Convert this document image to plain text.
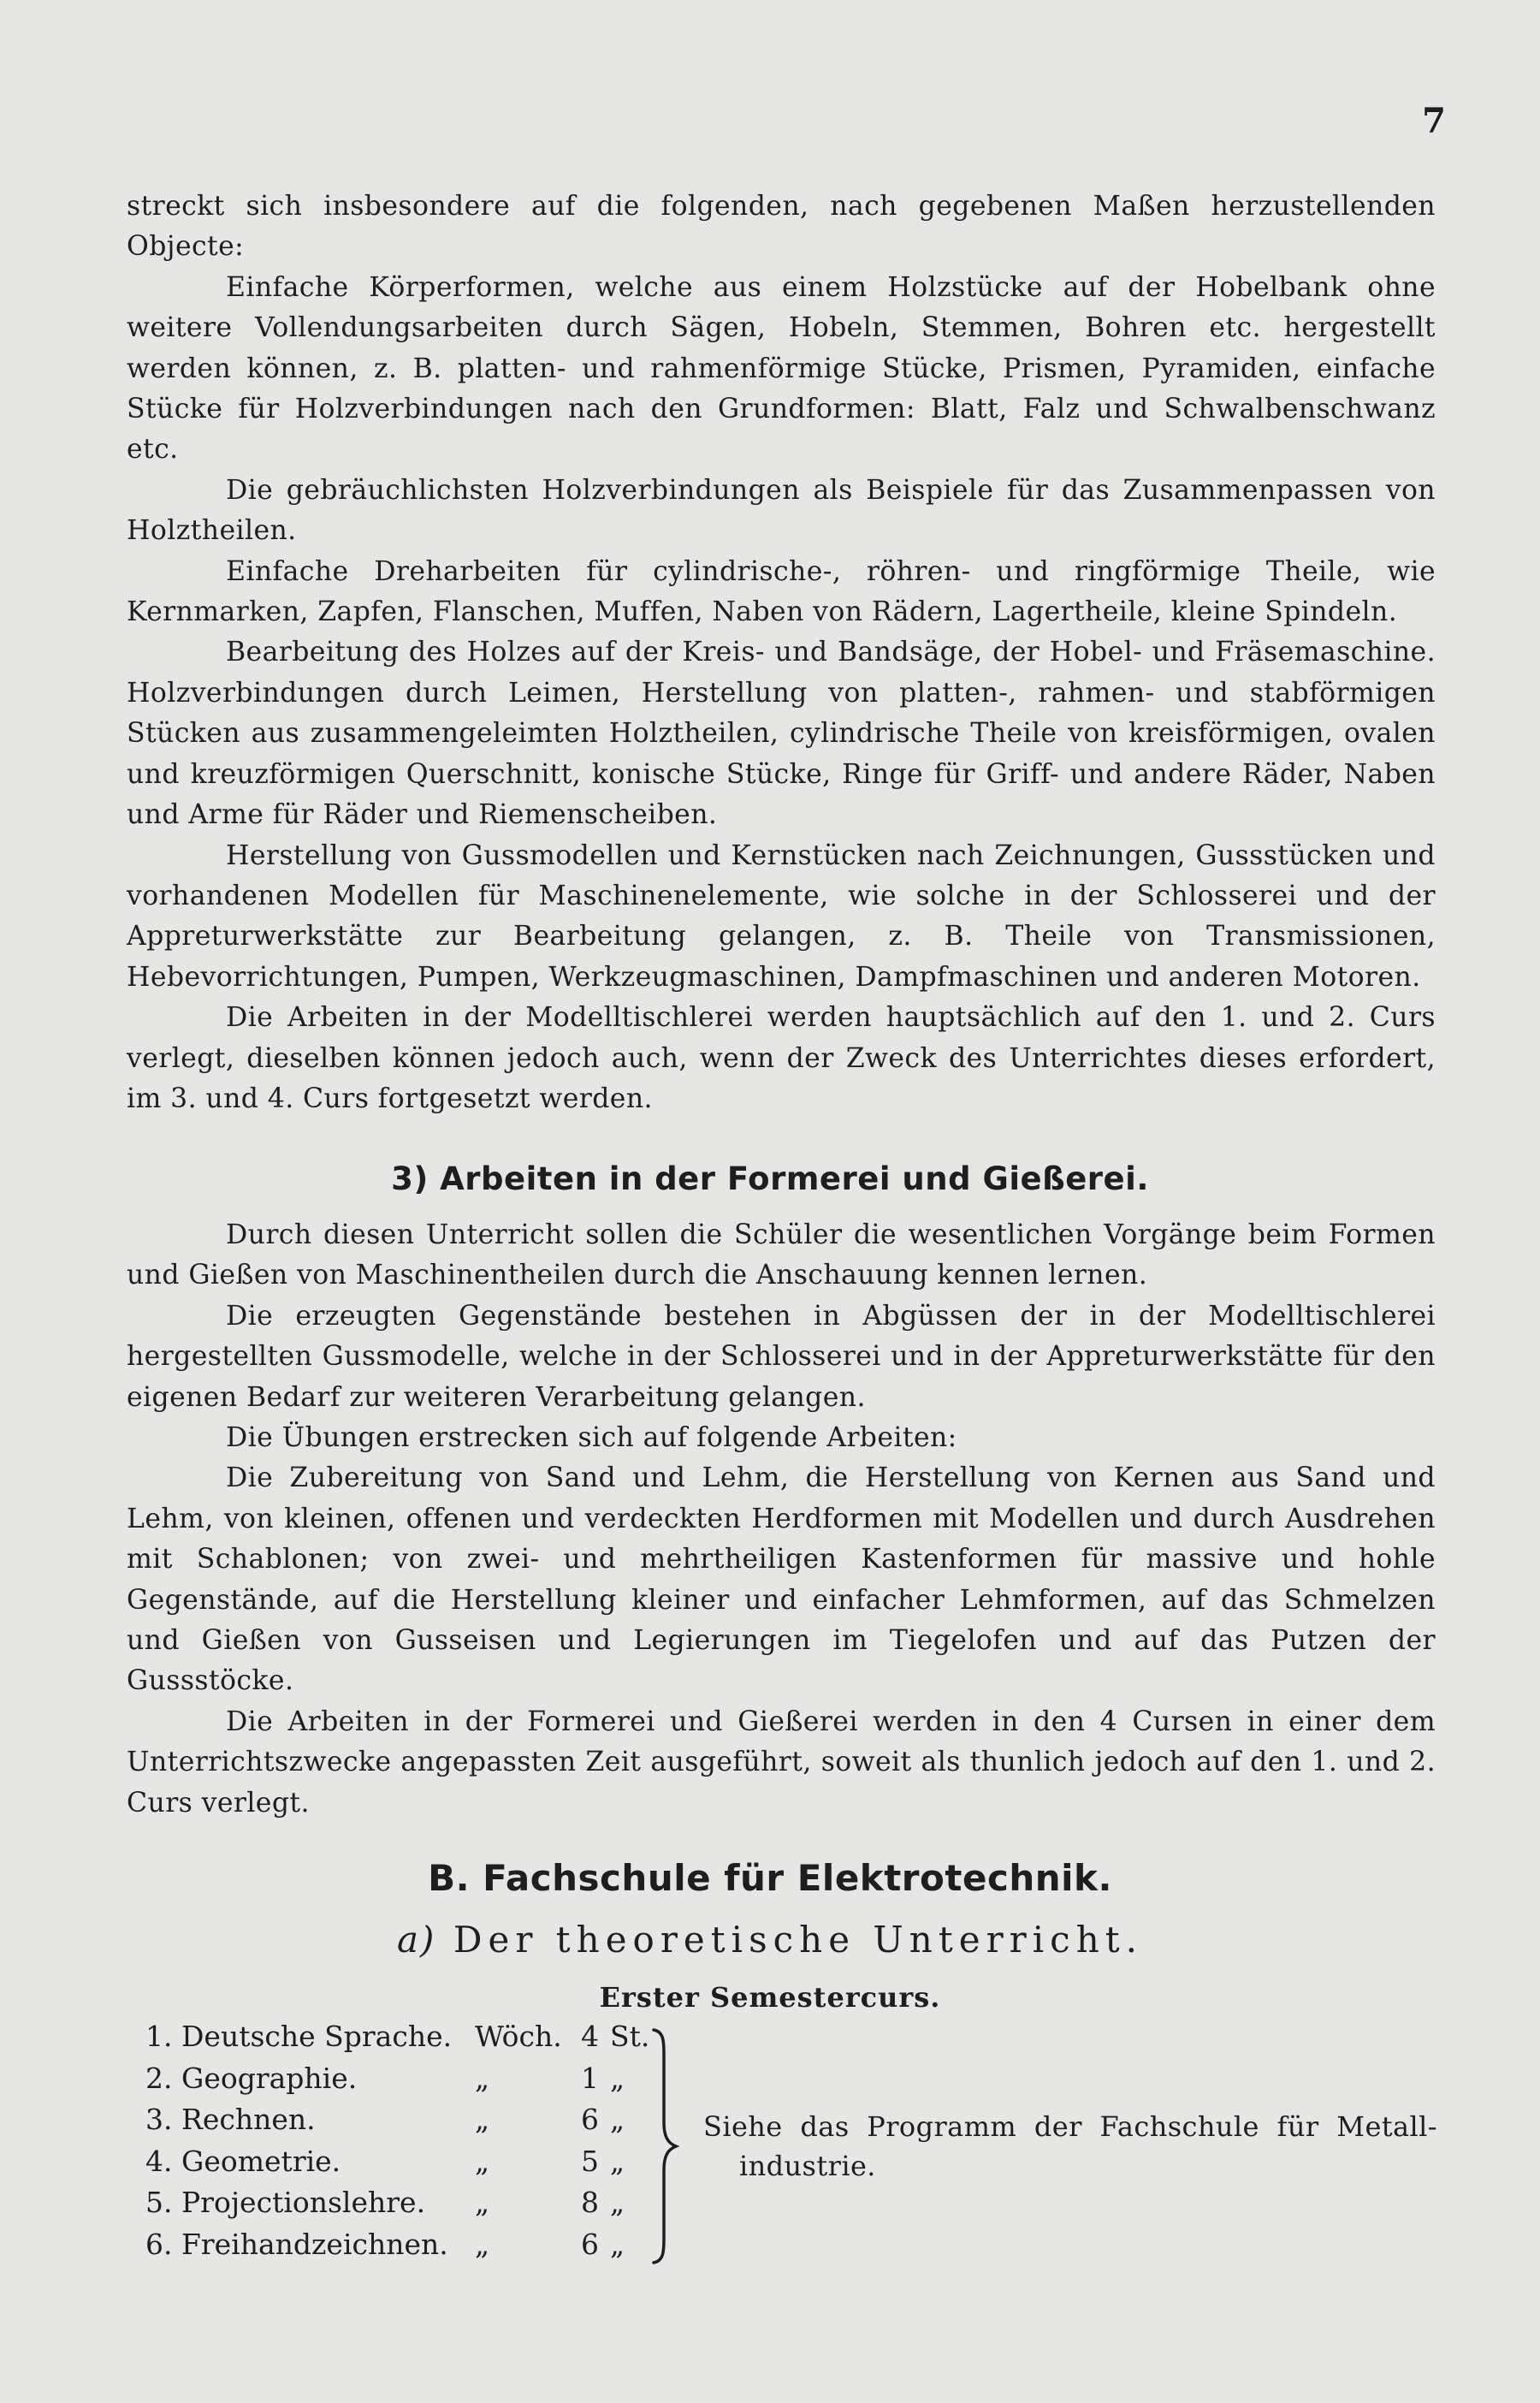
7

streckt sich insbesondere auf die folgenden, nach gegebenen Maßen herzustellenden Objecte:

Einfache Körperformen, welche aus einem Holzstücke auf der Hobelbank ohne weitere Vollendungsarbeiten durch Sägen, Hobeln, Stemmen, Bohren etc. hergestellt werden können, z. B. platten- und rahmenförmige Stücke, Prismen, Pyramiden, einfache Stücke für Holzverbindungen nach den Grundformen: Blatt, Falz und Schwalbenschwanz etc.

Die gebräuchlichsten Holzverbindungen als Beispiele für das Zusammenpassen von Holztheilen.

Einfache Dreharbeiten für cylindrische-, röhren- und ringförmige Theile, wie Kernmarken, Zapfen, Flanschen, Muffen, Naben von Rädern, Lagertheile, kleine Spindeln.

Bearbeitung des Holzes auf der Kreis- und Bandsäge, der Hobel- und Fräsemaschine. Holzverbindungen durch Leimen, Herstellung von platten-, rahmen- und stabförmigen Stücken aus zusammengeleimten Holztheilen, cylindrische Theile von kreisförmigen, ovalen und kreuzförmigen Querschnitt, konische Stücke, Ringe für Griff- und andere Räder, Naben und Arme für Räder und Riemenscheiben.

Herstellung von Gussmodellen und Kernstücken nach Zeichnungen, Gussstücken und vorhandenen Modellen für Maschinenelemente, wie solche in der Schlosserei und der Appreturwerkstätte zur Bearbeitung gelangen, z. B. Theile von Transmissionen, Hebevorrichtungen, Pumpen, Werkzeugmaschinen, Dampfmaschinen und anderen Motoren.

Die Arbeiten in der Modelltischlerei werden hauptsächlich auf den 1. und 2. Curs verlegt, dieselben können jedoch auch, wenn der Zweck des Unterrichtes dieses erfordert, im 3. und 4. Curs fortgesetzt werden.

3) Arbeiten in der Formerei und Gießerei.

Durch diesen Unterricht sollen die Schüler die wesentlichen Vorgänge beim Formen und Gießen von Maschinentheilen durch die Anschauung kennen lernen.

Die erzeugten Gegenstände bestehen in Abgüssen der in der Modelltischlerei hergestellten Gussmodelle, welche in der Schlosserei und in der Appreturwerkstätte für den eigenen Bedarf zur weiteren Verarbeitung gelangen.

Die Übungen erstrecken sich auf folgende Arbeiten:

Die Zubereitung von Sand und Lehm, die Herstellung von Kernen aus Sand und Lehm, von kleinen, offenen und verdeckten Herdformen mit Modellen und durch Ausdrehen mit Schablonen; von zwei- und mehrtheiligen Kastenformen für massive und hohle Gegenstände, auf die Herstellung kleiner und einfacher Lehmformen, auf das Schmelzen und Gießen von Gusseisen und Legierungen im Tiegelofen und auf das Putzen der Gussstöcke.

Die Arbeiten in der Formerei und Gießerei werden in den 4 Cursen in einer dem Unterrichtszwecke angepassten Zeit ausgeführt, soweit als thunlich jedoch auf den 1. und 2. Curs verlegt.

B. Fachschule für Elektrotechnik.
a) Der theoretische Unterricht.
Erster Semestercurs.
1. Deutsche Sprache. Wöch. 4 St.
2. Geographie.	„	1 „
3. Rechnen.	„	6 „
4. Geometrie.	„	5 „
5. Projectionslehre. „	8 „
6. Freihandzeichnen. „	6 „
Siehe das Programm der Fachschule für Metall-
industrie.
